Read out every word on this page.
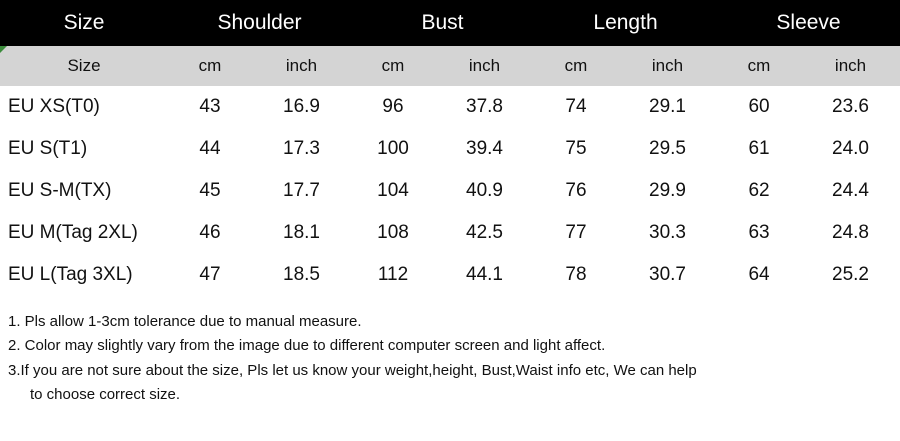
Size	Shoulder		Bust		Length		Sleeve	
Size	cm	inch	cm	inch	cm	inch	cm	inch
EU XS(T0)	43	16.9	96	37.8	74	29.1	60	23.6
EU S(T1)	44	17.3	100	39.4	75	29.5	61	24.0
EU S-M(TX)	45	17.7	104	40.9	76	29.9	62	24.4
EU M(Tag 2XL)	46	18.1	108	42.5	77	30.3	63	24.8
EU L(Tag 3XL)	47	18.5	112	44.1	78	30.7	64	25.2
1. Pls allow 1-3cm tolerance due to manual measure.
2. Color may slightly vary from the image due to different computer screen and light affect.
3.If you are not sure about the size, Pls let us know your weight,height, Bust,Waist info etc, We can help
to choose correct size.
